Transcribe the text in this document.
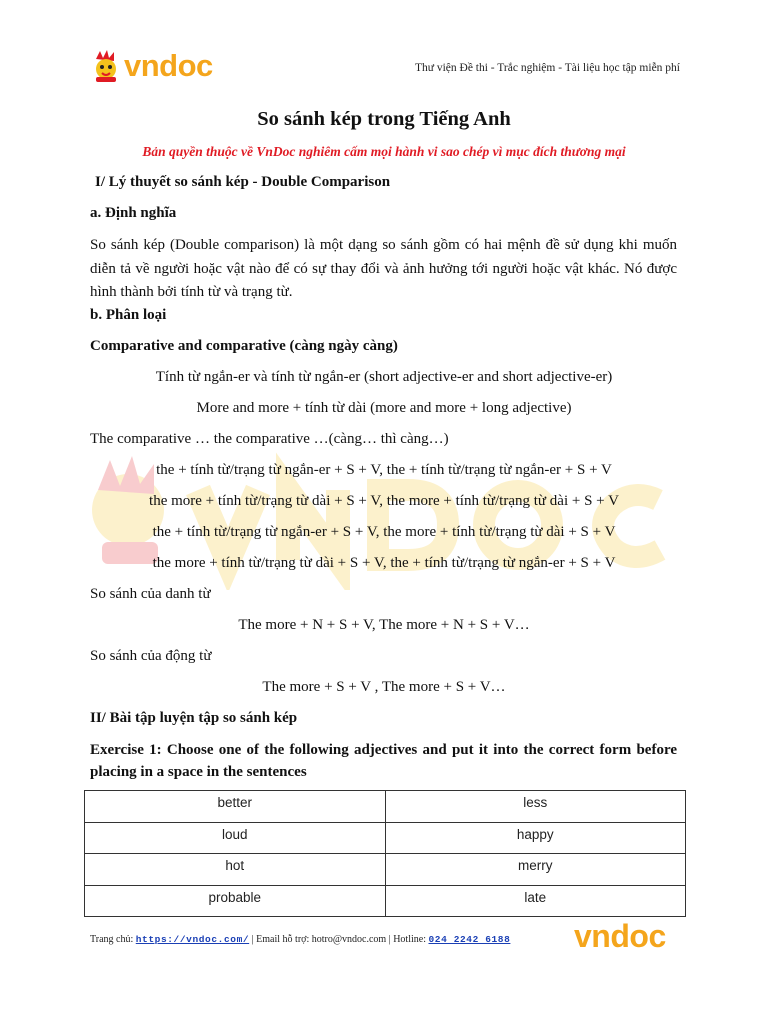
vndoc	Thư viện Đề thi - Trắc nghiệm - Tài liệu học tập miễn phí
So sánh kép trong Tiếng Anh
Bản quyền thuộc về VnDoc nghiêm cấm mọi hành vi sao chép vì mục đích thương mại
I/ Lý thuyết so sánh kép - Double Comparison
a. Định nghĩa
So sánh kép (Double comparison) là một dạng so sánh gồm có hai mệnh đề sử dụng khi muốn diễn tả về người hoặc vật nào để có sự thay đổi và ảnh hưởng tới người hoặc vật khác. Nó được hình thành bởi tính từ và trạng từ.
b. Phân loại
Comparative and comparative (càng ngày càng)
Tính từ ngắn-er và tính từ ngắn-er (short adjective-er and short adjective-er)
More and more + tính từ dài (more and more + long adjective)
The comparative … the comparative …(càng… thì càng…)
the + tính từ/trạng từ ngắn-er + S + V, the + tính từ/trạng từ ngắn-er + S + V
the more + tính từ/trạng từ dài + S + V, the more + tính từ/trạng từ dài + S + V
the + tính từ/trạng từ ngắn-er + S + V, the more + tính từ/trạng từ dài + S + V
the more + tính từ/trạng từ dài + S + V, the + tính từ/trạng từ ngắn-er + S + V
So sánh của danh từ
The more + N + S + V, The more + N + S + V…
So sánh của động từ
The more + S + V , The more + S + V…
II/ Bài tập luyện tập so sánh kép
Exercise 1: Choose one of the following adjectives and put it into the correct form before placing in a space in the sentences
better	less
loud	happy
hot	merry
probable	late
Trang chủ: https://vndoc.com/ | Email hỗ trợ: hotro@vndoc.com | Hotline: 024 2242 6188 vndoc
